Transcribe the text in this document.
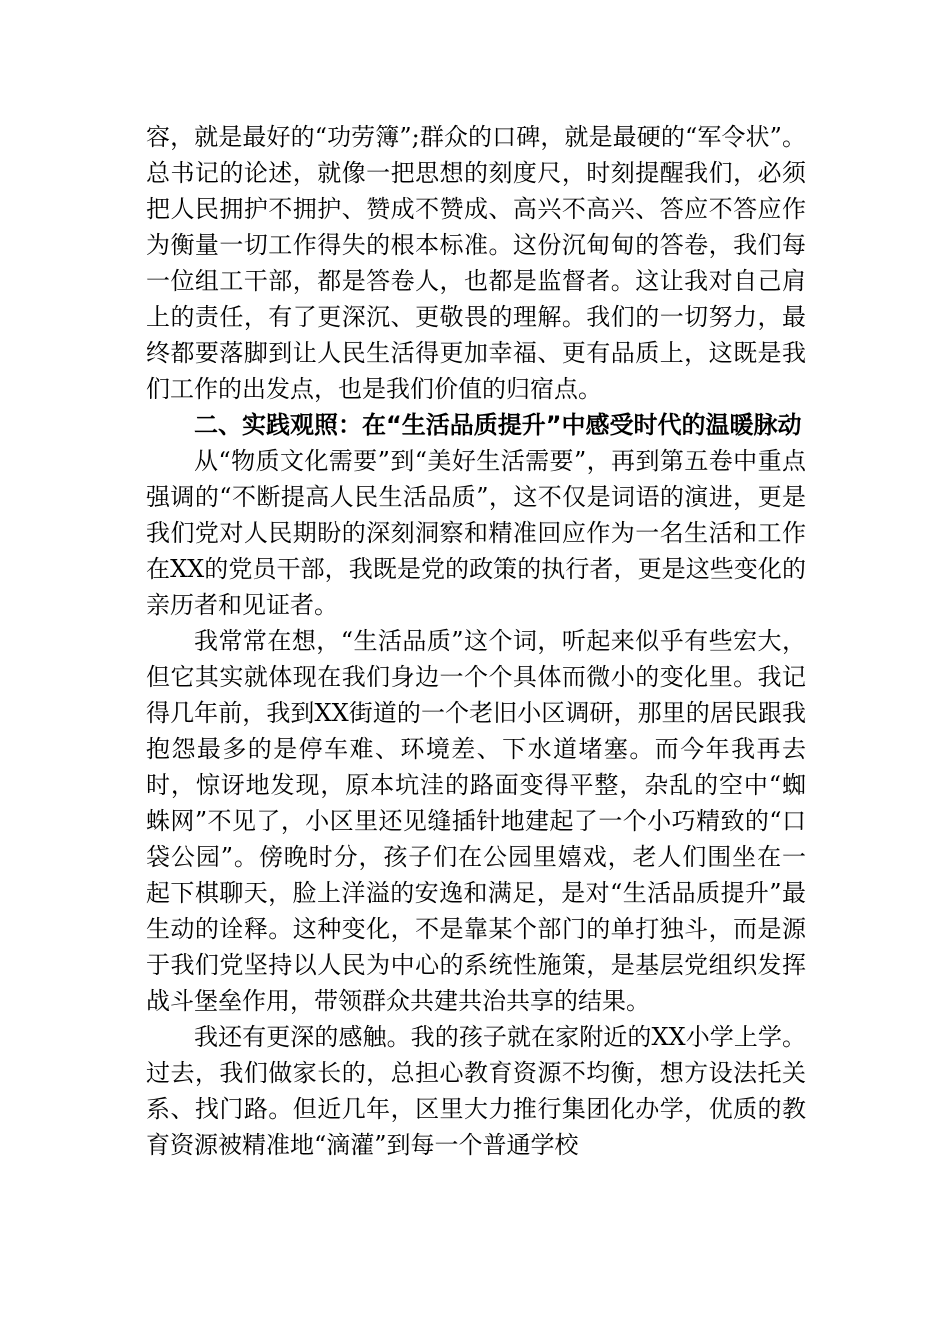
容，就是最好的“功劳簿”;群众的口碑，就是最硬的“军令状”。总书记的论述，就像一把思想的刻度尺，时刻提醒我们，必须把人民拥护不拥护、赞成不赞成、高兴不高兴、答应不答应作为衡量一切工作得失的根本标准。这份沉甸甸的答卷，我们每一位组工干部，都是答卷人，也都是监督者。这让我对自己肩上的责任，有了更深沉、更敬畏的理解。我们的一切努力，最终都要落脚到让人民生活得更加幸福、更有品质上，这既是我们工作的出发点，也是我们价值的归宿点。

二、实践观照：在“生活品质提升”中感受时代的温暖脉动

从“物质文化需要”到“美好生活需要”，再到第五卷中重点强调的“不断提高人民生活品质”，这不仅是词语的演进，更是我们党对人民期盼的深刻洞察和精准回应作为一名生活和工作在XX的党员干部，我既是党的政策的执行者，更是这些变化的亲历者和见证者。

我常常在想，“生活品质”这个词，听起来似乎有些宏大，但它其实就体现在我们身边一个个具体而微小的变化里。我记得几年前，我到XX街道的一个老旧小区调研，那里的居民跟我抱怨最多的是停车难、环境差、下水道堵塞。而今年我再去时，惊讶地发现，原本坑洼的路面变得平整，杂乱的空中“蜘蛛网”不见了，小区里还见缝插针地建起了一个小巧精致的“口袋公园”。傍晚时分，孩子们在公园里嬉戏，老人们围坐在一起下棋聊天，脸上洋溢的安逸和满足，是对“生活品质提升”最生动的诠释。这种变化，不是靠某个部门的单打独斗，而是源于我们党坚持以人民为中心的系统性施策，是基层党组织发挥战斗堡垒作用，带领群众共建共治共享的结果。

我还有更深的感触。我的孩子就在家附近的XX小学上学。过去，我们做家长的，总担心教育资源不均衡，想方设法托关系、找门路。但近几年，区里大力推行集团化办学，优质的教育资源被精准地“滴灌”到每一个普通学校
